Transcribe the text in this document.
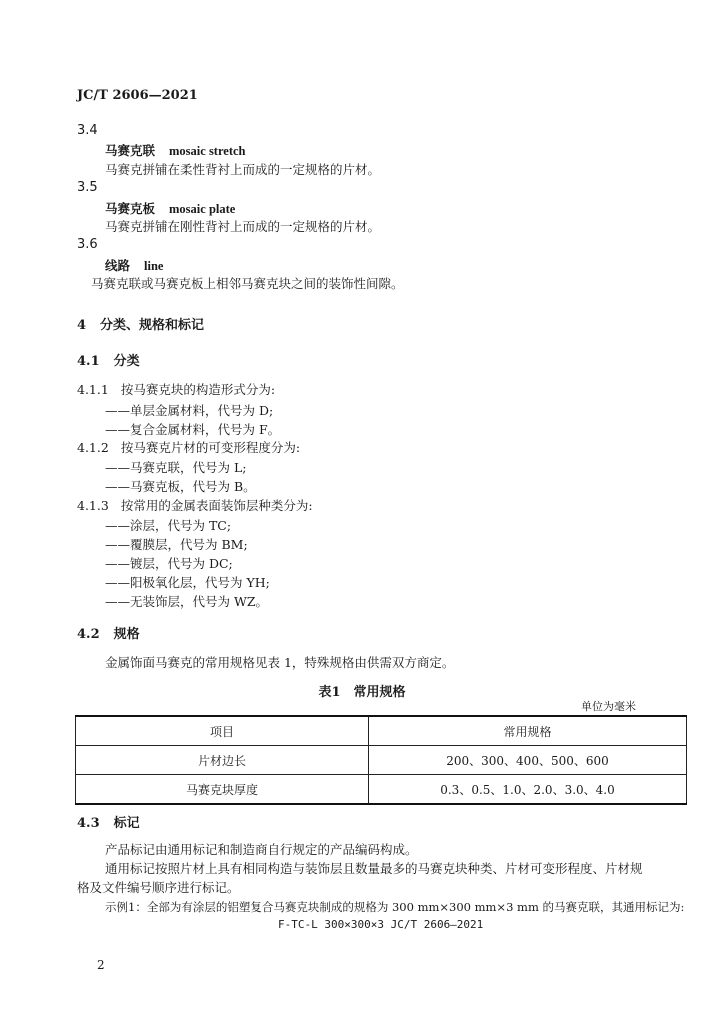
JC/T 2606—2021
3.4
马赛克联 mosaic stretch
马赛克拼铺在柔性背衬上而成的一定规格的片材。
3.5
马赛克板 mosaic plate
马赛克拼铺在刚性背衬上而成的一定规格的片材。
3.6
线路 line
马赛克联或马赛克板上相邻马赛克块之间的装饰性间隙。
4 分类、规格和标记
4.1 分类
4.1.1 按马赛克块的构造形式分为:
——单层金属材料，代号为 D;
——复合金属材料，代号为 F。
4.1.2 按马赛克片材的可变形程度分为:
——马赛克联，代号为 L;
——马赛克板，代号为 B。
4.1.3 按常用的金属表面装饰层种类分为:
——涂层，代号为 TC;
——覆膜层，代号为 BM;
——镀层，代号为 DC;
——阳极氧化层，代号为 YH;
——无装饰层，代号为 WZ。
4.2 规格
金属饰面马赛克的常用规格见表 1，特殊规格由供需双方商定。
表1　常用规格
单位为毫米
项目	常用规格
片材边长	200、300、400、500、600
马赛克块厚度	0.3、0.5、1.0、2.0、3.0、4.0
4.3 标记
产品标记由通用标记和制造商自行规定的产品编码构成。
通用标记按照片材上具有相同构造与装饰层且数量最多的马赛克块种类、片材可变形程度、片材规
格及文件编号顺序进行标记。
示例1：全部为有涂层的铝塑复合马赛克块制成的规格为 300 mm×300 mm×3 mm 的马赛克联，其通用标记为:
F-TC-L 300×300×3 JC/T 2606—2021
2
